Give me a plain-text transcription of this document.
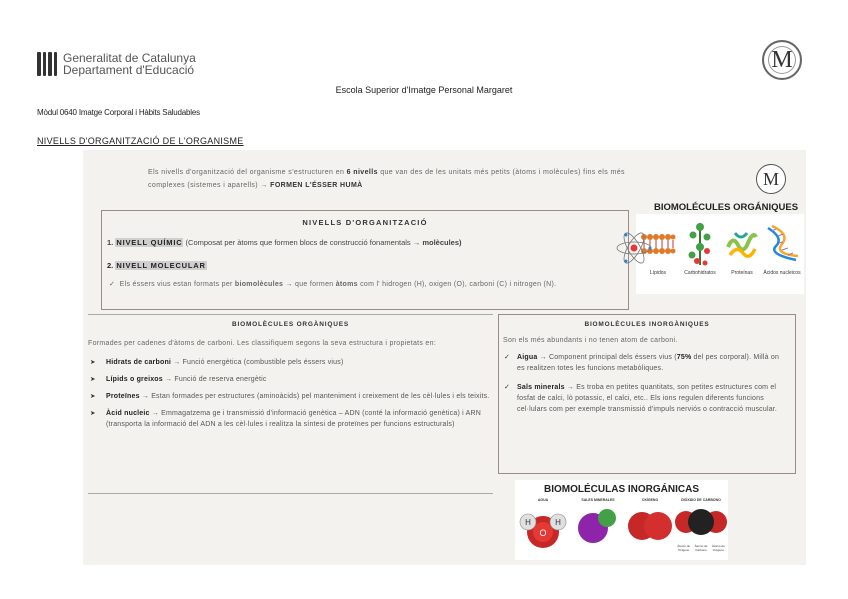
Generalitat de Catalunya
Departament d'Educació	M
Escola Superior d'Imatge Personal Margaret
Mòdul 0640 Imatge Corporal i Hàbits Saludables
NIVELLS D'ORGANITZACIÓ DE L'ORGANISME
Els nivells d'organització del organisme s'estructuren en 6 nivells que van des de les unitats més petits (àtoms i molècules) fins els més complexes (sistemes i aparells) → FORMEN L'ÉSSER HUMÀ	M
BIOMOLÉCULES ORGÁNIQUES
Lípidos	Carbohidratos	Proteínas	Ácidos nucleicos
NIVELLS D'ORGANITZACIÓ
1. NIVELL QUÍMIC (Composat per àtoms que formen blocs de construcció fonamentals → molècules)
2. NIVELL MOLECULAR
✓  Els éssers vius estan formats per biomolècules → que formen àtoms com l' hidrogen (H), oxigen (O), carboni (C) i nitrogen (N).
BIOMOLÈCULES ORGÀNIQUES
Formades per cadenes d'àtoms de carboni. Les classifiquem segons la seva estructura i propietats en:
➤ Hidrats de carboni → Funció energètica (combustible pels éssers vius)
➤ Lípids o greixos → Funció de reserva energètic
➤ Proteïnes → Estan formades per estructures (aminoàcids) pel manteniment i creixement de les cèl·lules i els teixits.
➤ Àcid nucleic → Emmagatzema ge i transmissió d'informació genètica – ADN (conté la informació genètica) i ARN (transporta la informació del ADN a les cèl·lules i realitza la síntesi de proteïnes per funcions estructurals)
BIOMOLÈCULES INORGÀNIQUES
Son els més abundants i no tenen atom de carboni.
✓ Aigua → Component principal dels éssers vius (75% del pes corporal). Millà on es realitzen totes les funcions metabòliques.
✓ Sals minerals → Es troba en petites quantitats, son petites estructures com el fosfat de calci, lò potassic, el calci, etc.. Els ions regulen diferents funcions cel·lulars com per exemple transmissió d'impuls nerviós o contracció muscular.
BIOMOLÉCULAS INORGÁNICAS
AGUA
H	H
O
SALES MINERALES	OXÍGENO	DIÓXIDO DE CARBONO
Átomo de Oxígeno
Átomo de Carbono
Átomo de Oxígeno
